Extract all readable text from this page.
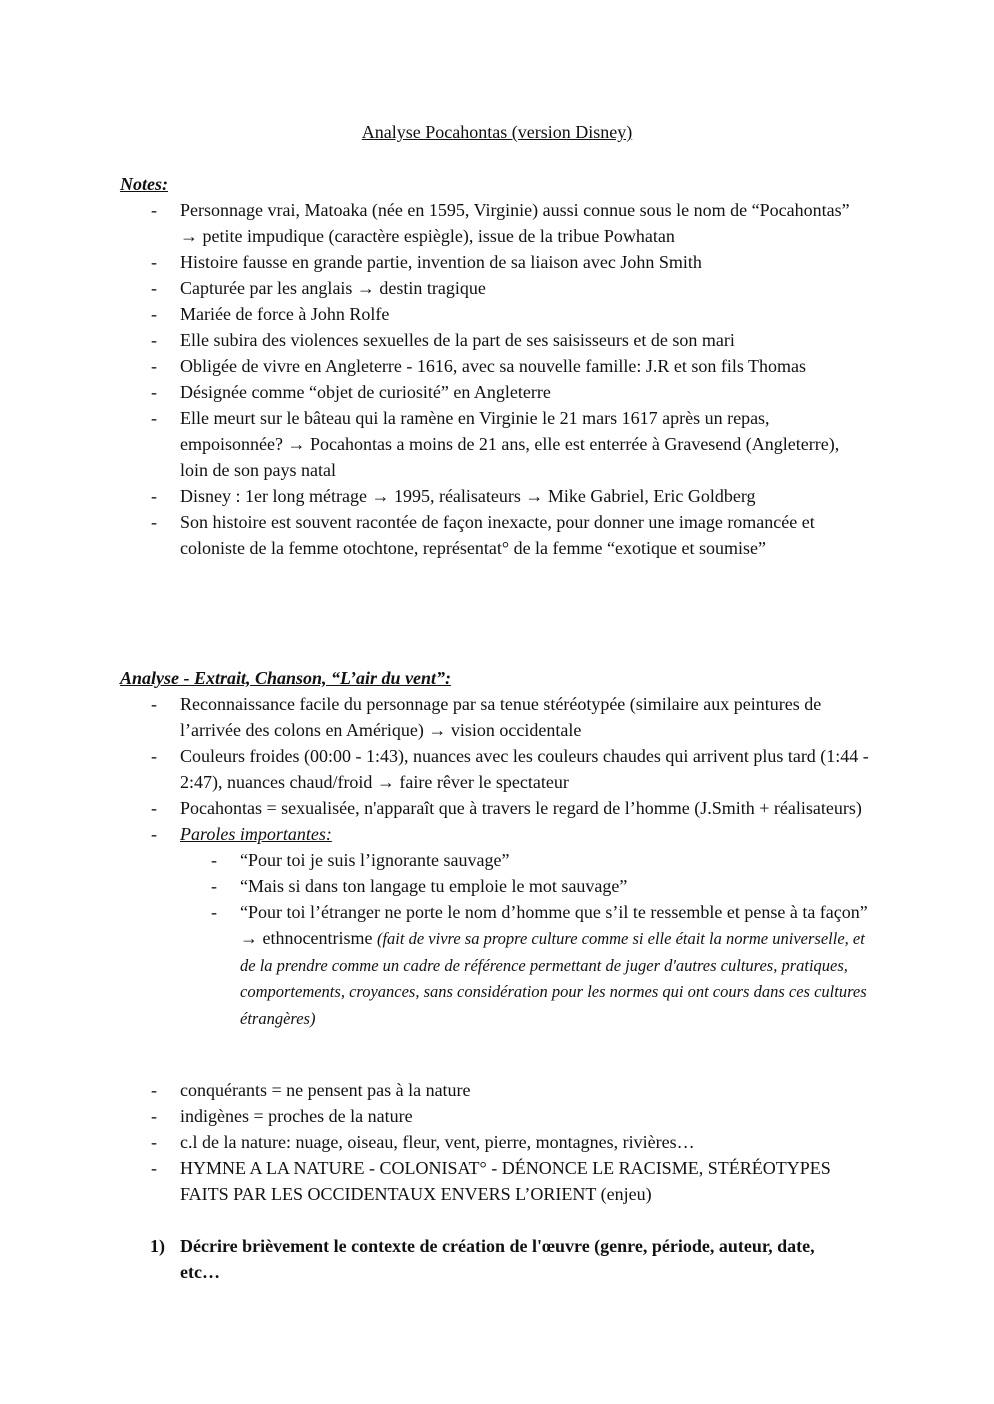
Analyse Pocahontas (version Disney)
Notes:
- Personnage vrai, Matoaka (née en 1595, Virginie) aussi connue sous le nom de “Pocahontas” → petite impudique (caractère espiègle), issue de la tribue Powhatan
- Histoire fausse en grande partie, invention de sa liaison avec John Smith
- Capturée par les anglais → destin tragique
- Mariée de force à John Rolfe
- Elle subira des violences sexuelles de la part de ses saisisseurs et de son mari
- Obligée de vivre en Angleterre - 1616, avec sa nouvelle famille: J.R et son fils Thomas
- Désignée comme “objet de curiosité” en Angleterre
- Elle meurt sur le bâteau qui la ramène en Virginie le 21 mars 1617 après un repas, empoisonnée? → Pocahontas a moins de 21 ans, elle est enterrée à Gravesend (Angleterre), loin de son pays natal
- Disney : 1er long métrage → 1995, réalisateurs → Mike Gabriel, Eric Goldberg
- Son histoire est souvent racontée de façon inexacte, pour donner une image romancée et coloniste de la femme otochtone, représentat° de la femme “exotique et soumise”
Analyse - Extrait, Chanson, “L’air du vent”:
- Reconnaissance facile du personnage par sa tenue stéréotypée (similaire aux peintures de l’arrivée des colons en Amérique) → vision occidentale
- Couleurs froides (00:00 - 1:43), nuances avec les couleurs chaudes qui arrivent plus tard (1:44 - 2:47), nuances chaud/froid → faire rêver le spectateur
- Pocahontas = sexualisée, n'apparaît que à travers le regard de l’homme (J.Smith + réalisateurs)
- Paroles importantes:
- “Pour toi je suis l’ignorante sauvage”
- “Mais si dans ton langage tu emploie le mot sauvage”
- “Pour toi l’étranger ne porte le nom d’homme que s’il te ressemble et pense à ta façon” → ethnocentrisme (fait de vivre sa propre culture comme si elle était la norme universelle, et de la prendre comme un cadre de référence permettant de juger d'autres cultures, pratiques, comportements, croyances, sans considération pour les normes qui ont cours dans ces cultures étrangères)
- conquérants = ne pensent pas à la nature
- indigènes = proches de la nature
- c.l de la nature: nuage, oiseau, fleur, vent, pierre, montagnes, rivières…
- HYMNE A LA NATURE - COLONISAT° - DÉNONCE LE RACISME, STÉRÉOTYPES FAITS PAR LES OCCIDENTAUX ENVERS L’ORIENT (enjeu)
1) Décrire brièvement le contexte de création de l'œuvre (genre, période, auteur, date, etc…
